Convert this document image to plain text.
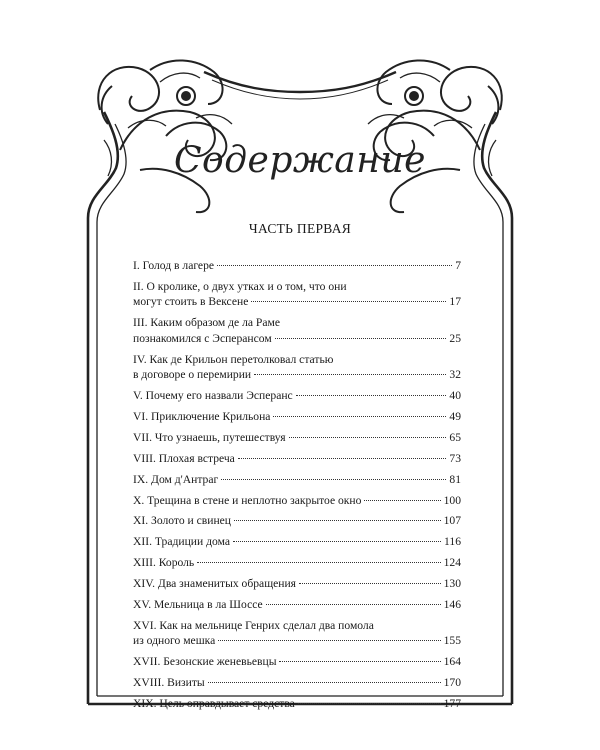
Содержание
ЧАСТЬ ПЕРВАЯ
I. Голод в лагере	7
II. О кролике, о двух утках и о том, что они
могут стоить в Вексене	17
III. Каким образом де ла Раме
познакомился с Эсперансом	25
IV. Как де Крильон перетолковал статью
в договоре о перемирии	32
V. Почему его назвали Эсперанс	40
VI. Приключение Крильона	49
VII. Что узнаешь, путешествуя	65
VIII. Плохая встреча	73
IX. Дом д'Антраг	81
X. Трещина в стене и неплотно закрытое окно	100
XI. Золото и свинец	107
XII. Традиции дома	116
XIII. Король	124
XIV. Два знаменитых обращения	130
XV. Мельница в ла Шоссе	146
XVI. Как на мельнице Генрих сделал два помола
из одного мешка	155
XVII. Безонские женевьевцы	164
XVIII. Визиты	170
XIX. Цель оправдывает средства	177
